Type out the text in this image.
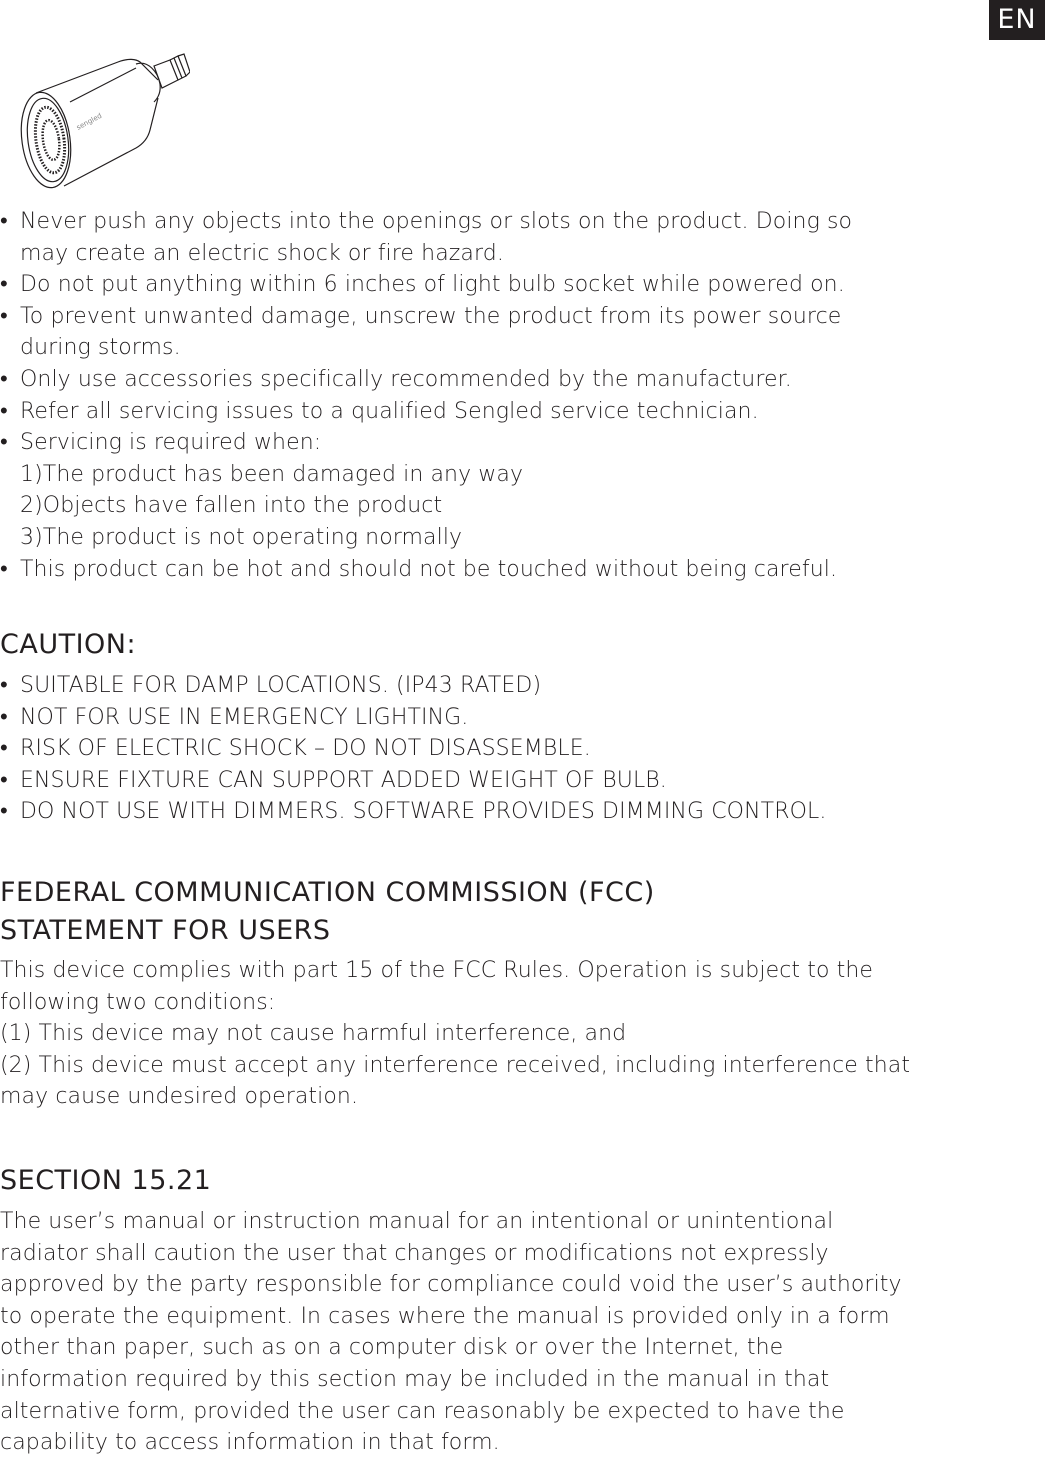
EN
sengled
• Never push any objects into the openings or slots on the product. Doing so
may create an electric shock or fire hazard.
• Do not put anything within 6 inches of light bulb socket while powered on.
• To prevent unwanted damage, unscrew the product from its power source
during storms.
• Only use accessories specifically recommended by the manufacturer.
• Refer all servicing issues to a qualified Sengled service technician.
• Servicing is required when:
1)The product has been damaged in any way
2)Objects have fallen into the product
3)The product is not operating normally
• This product can be hot and should not be touched without being careful.
CAUTION:
• SUITABLE FOR DAMP LOCATIONS. (IP43 RATED)
• NOT FOR USE IN EMERGENCY LIGHTING.
• RISK OF ELECTRIC SHOCK – DO NOT DISASSEMBLE.
• ENSURE FIXTURE CAN SUPPORT ADDED WEIGHT OF BULB.
• DO NOT USE WITH DIMMERS. SOFTWARE PROVIDES DIMMING CONTROL.
FEDERAL COMMUNICATION COMMISSION (FCC)
STATEMENT FOR USERS
This device complies with part 15 of the FCC Rules. Operation is subject to the
following two conditions:
(1) This device may not cause harmful interference, and
(2) This device must accept any interference received, including interference that
may cause undesired operation.
SECTION 15.21
The user’s manual or instruction manual for an intentional or unintentional
radiator shall caution the user that changes or modifications not expressly
approved by the party responsible for compliance could void the user’s authority
to operate the equipment. In cases where the manual is provided only in a form
other than paper, such as on a computer disk or over the Internet, the
information required by this section may be included in the manual in that
alternative form, provided the user can reasonably be expected to have the
capability to access information in that form.
